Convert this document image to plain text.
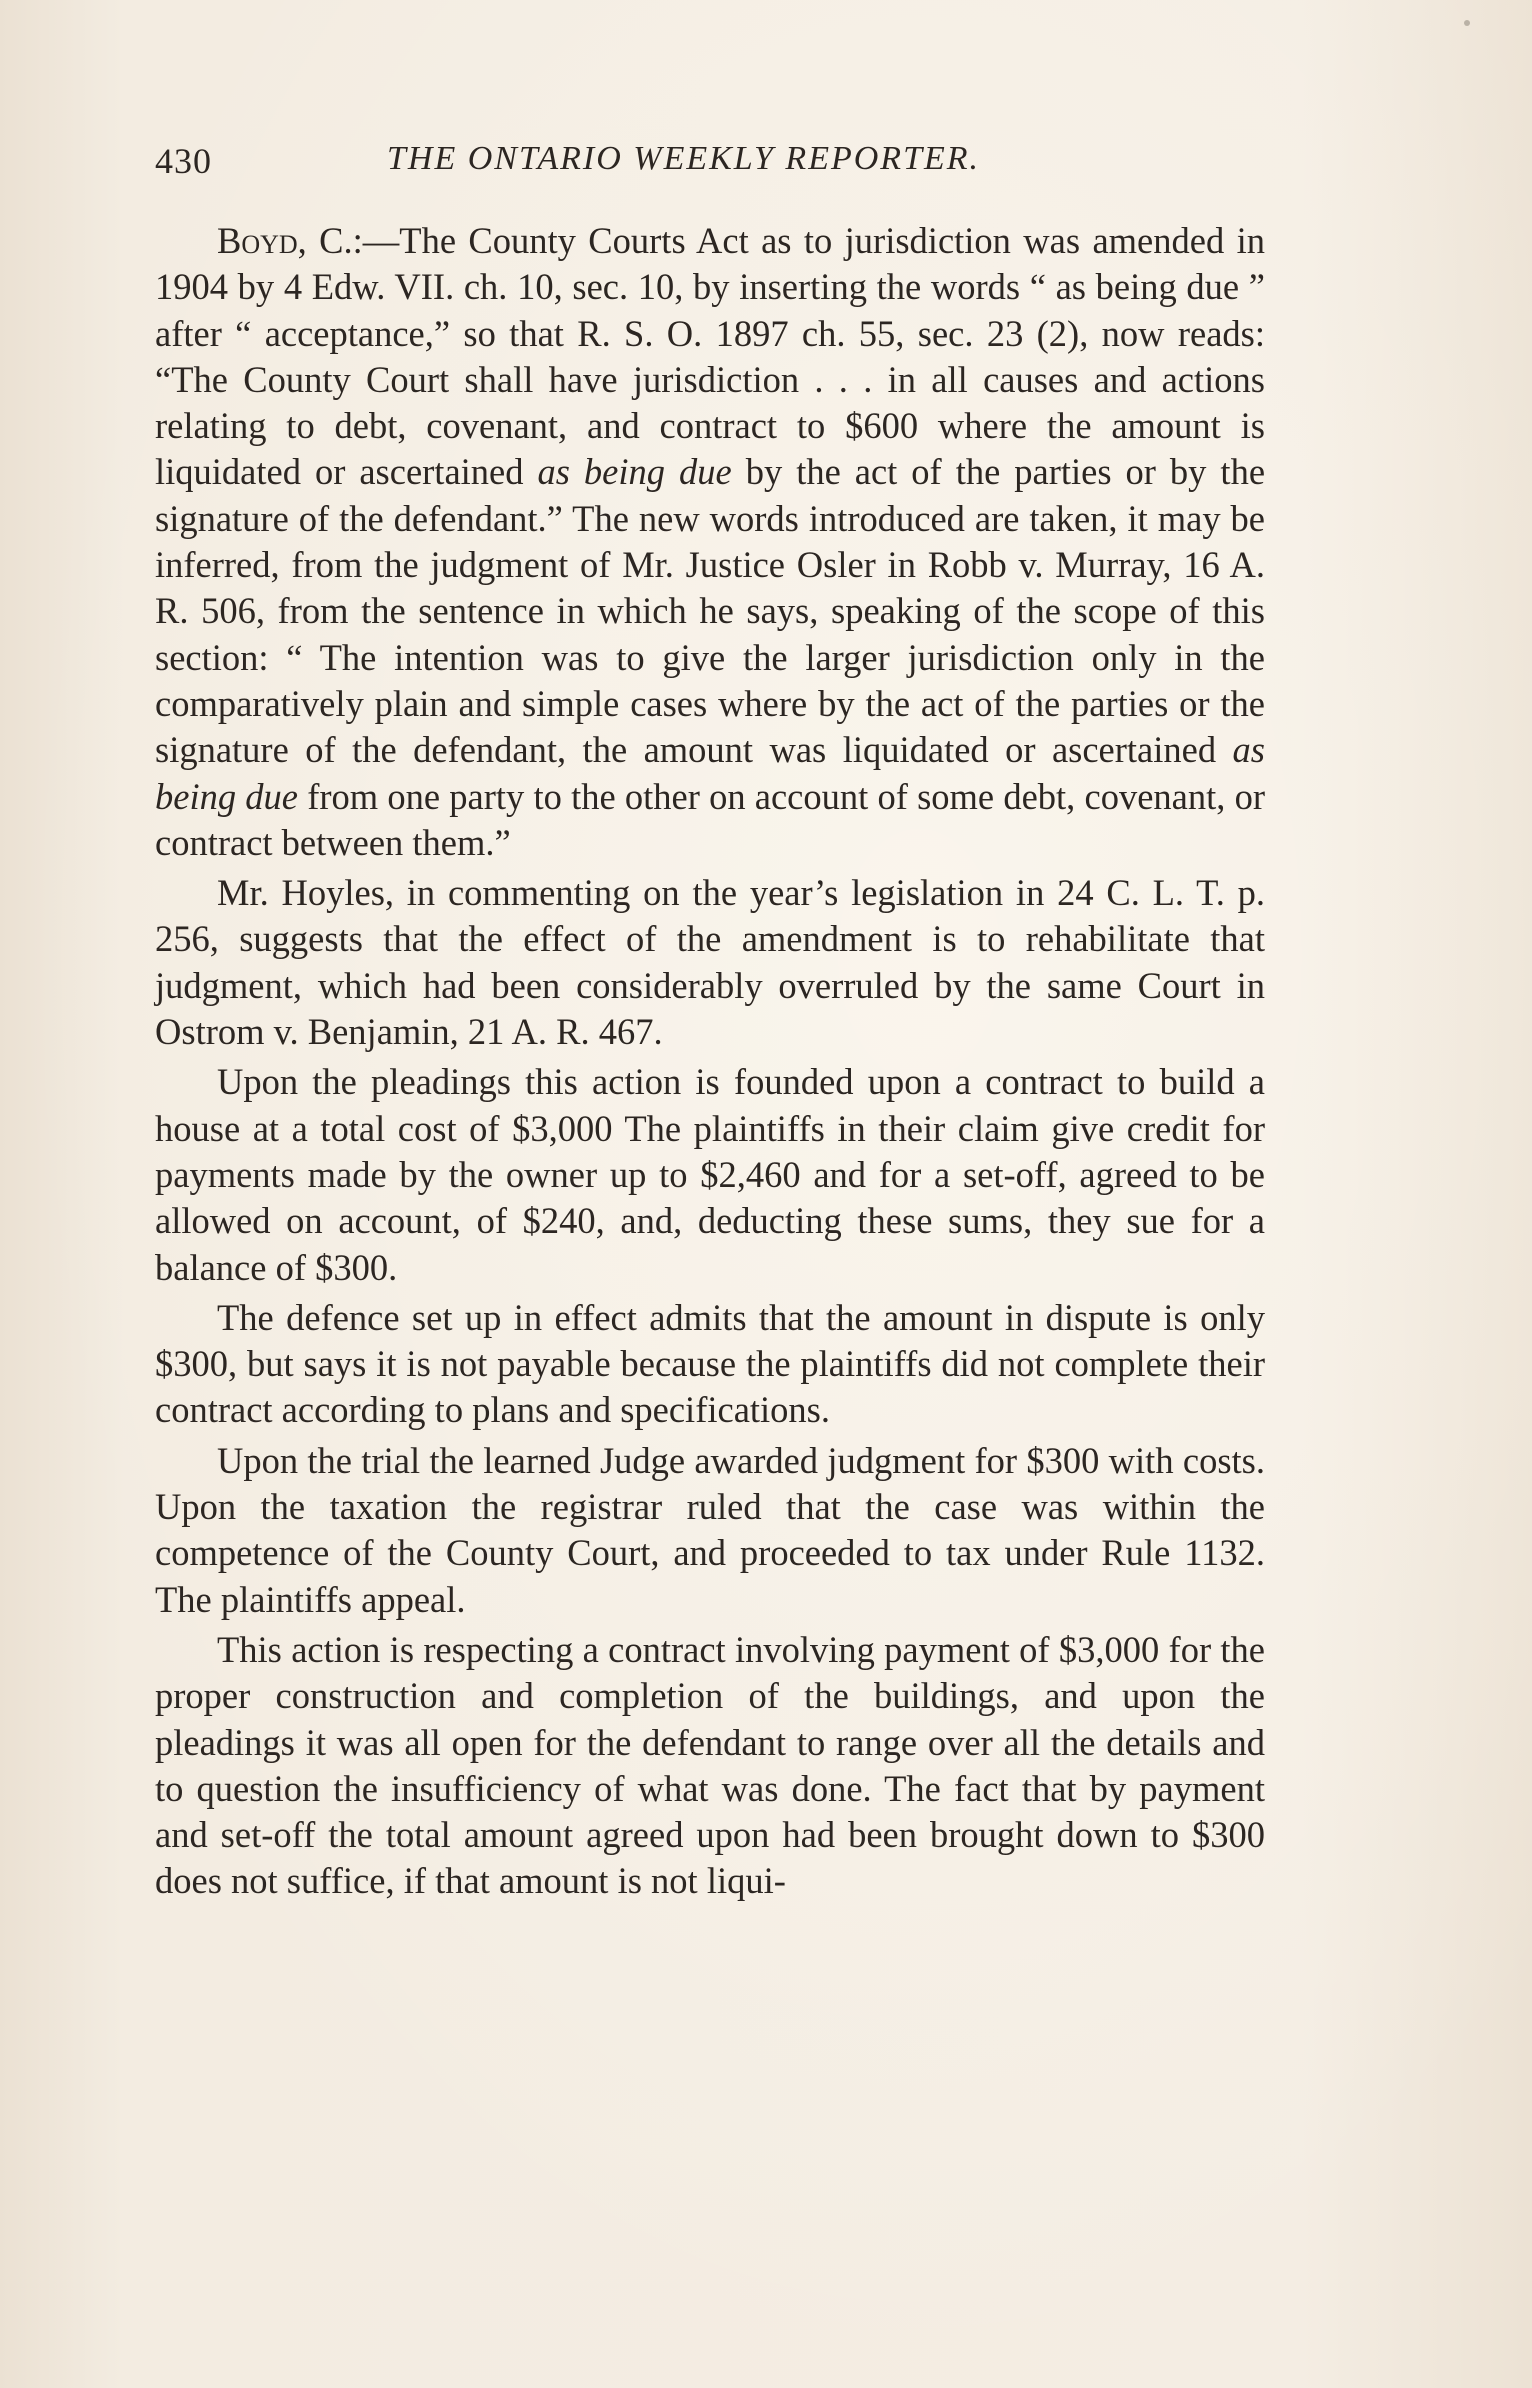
430	THE ONTARIO WEEKLY REPORTER.

Boyd, C.:—The County Courts Act as to jurisdiction was amended in 1904 by 4 Edw. VII. ch. 10, sec. 10, by inserting the words “ as being due ” after “ acceptance,” so that R. S. O. 1897 ch. 55, sec. 23 (2), now reads: “The County Court shall have jurisdiction . . . in all causes and actions relating to debt, covenant, and contract to $600 where the amount is liquidated or ascertained as being due by the act of the parties or by the signature of the defendant.” The new words introduced are taken, it may be inferred, from the judgment of Mr. Justice Osler in Robb v. Murray, 16 A. R. 506, from the sentence in which he says, speaking of the scope of this section: “ The intention was to give the larger jurisdiction only in the comparatively plain and simple cases where by the act of the parties or the signature of the defendant, the amount was liquidated or ascertained as being due from one party to the other on account of some debt, covenant, or contract between them.”

Mr. Hoyles, in commenting on the year’s legislation in 24 C. L. T. p. 256, suggests that the effect of the amendment is to rehabilitate that judgment, which had been considerably overruled by the same Court in Ostrom v. Benjamin, 21 A. R. 467.

Upon the pleadings this action is founded upon a contract to build a house at a total cost of $3,000 The plaintiffs in their claim give credit for payments made by the owner up to $2,460 and for a set-off, agreed to be allowed on account, of $240, and, deducting these sums, they sue for a balance of $300.

The defence set up in effect admits that the amount in dispute is only $300, but says it is not payable because the plaintiffs did not complete their contract according to plans and specifications.

Upon the trial the learned Judge awarded judgment for $300 with costs. Upon the taxation the registrar ruled that the case was within the competence of the County Court, and proceeded to tax under Rule 1132. The plaintiffs appeal.

This action is respecting a contract involving payment of $3,000 for the proper construction and completion of the buildings, and upon the pleadings it was all open for the defendant to range over all the details and to question the insufficiency of what was done. The fact that by payment and set-off the total amount agreed upon had been brought down to $300 does not suffice, if that amount is not liqui-
